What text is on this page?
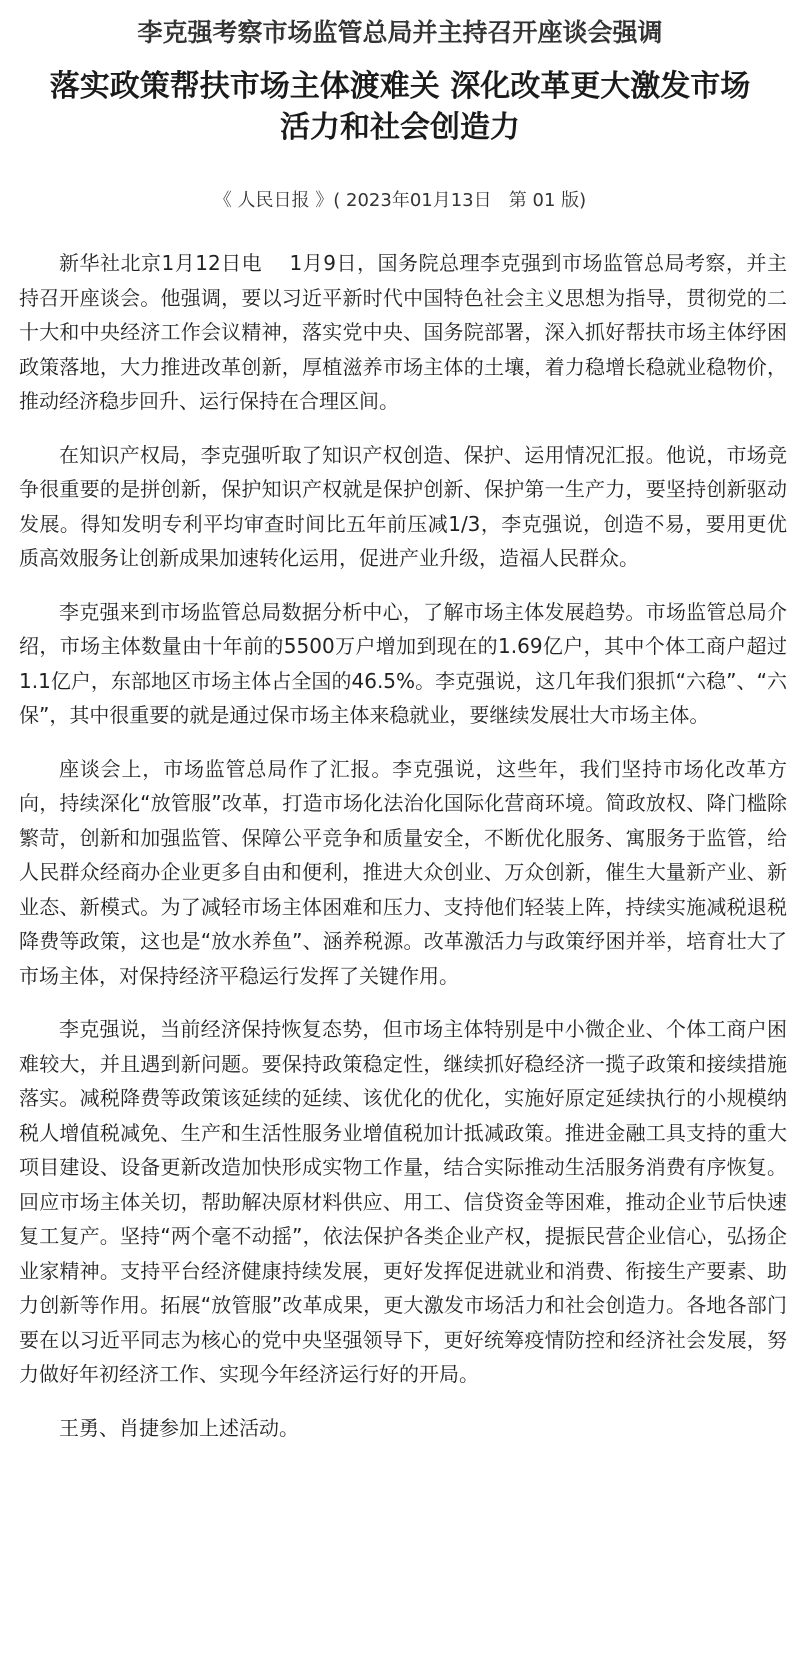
李克强考察市场监管总局并主持召开座谈会强调
落实政策帮扶市场主体渡难关 深化改革更大激发市场
活力和社会创造力
《 人民日报 》( 2023年01月13日   第 01 版)

新华社北京1月12日电　 1月9日，国务院总理李克强到市场监管总局考察，并主持召开座谈会。他强调，要以习近平新时代中国特色社会主义思想为指导，贯彻党的二十大和中央经济工作会议精神，落实党中央、国务院部署，深入抓好帮扶市场主体纾困政策落地，大力推进改革创新，厚植滋养市场主体的土壤，着力稳增长稳就业稳物价，推动经济稳步回升、运行保持在合理区间。

在知识产权局，李克强听取了知识产权创造、保护、运用情况汇报。他说，市场竞争很重要的是拼创新，保护知识产权就是保护创新、保护第一生产力，要坚持创新驱动发展。得知发明专利平均审查时间比五年前压减1/3，李克强说，创造不易，要用更优质高效服务让创新成果加速转化运用，促进产业升级，造福人民群众。

李克强来到市场监管总局数据分析中心，了解市场主体发展趋势。市场监管总局介绍，市场主体数量由十年前的5500万户增加到现在的1.69亿户，其中个体工商户超过1.1亿户，东部地区市场主体占全国的46.5%。李克强说，这几年我们狠抓“六稳”、“六保”，其中很重要的就是通过保市场主体来稳就业，要继续发展壮大市场主体。

座谈会上，市场监管总局作了汇报。李克强说，这些年，我们坚持市场化改革方向，持续深化“放管服”改革，打造市场化法治化国际化营商环境。简政放权、降门槛除繁苛，创新和加强监管、保障公平竞争和质量安全，不断优化服务、寓服务于监管，给人民群众经商办企业更多自由和便利，推进大众创业、万众创新，催生大量新产业、新业态、新模式。为了减轻市场主体困难和压力、支持他们轻装上阵，持续实施减税退税降费等政策，这也是“放水养鱼”、涵养税源。改革激活力与政策纾困并举，培育壮大了市场主体，对保持经济平稳运行发挥了关键作用。

李克强说，当前经济保持恢复态势，但市场主体特别是中小微企业、个体工商户困难较大，并且遇到新问题。要保持政策稳定性，继续抓好稳经济一揽子政策和接续措施落实。减税降费等政策该延续的延续、该优化的优化，实施好原定延续执行的小规模纳税人增值税减免、生产和生活性服务业增值税加计抵减政策。推进金融工具支持的重大项目建设、设备更新改造加快形成实物工作量，结合实际推动生活服务消费有序恢复。回应市场主体关切，帮助解决原材料供应、用工、信贷资金等困难，推动企业节后快速复工复产。坚持“两个毫不动摇”，依法保护各类企业产权，提振民营企业信心，弘扬企业家精神。支持平台经济健康持续发展，更好发挥促进就业和消费、衔接生产要素、助力创新等作用。拓展“放管服”改革成果，更大激发市场活力和社会创造力。各地各部门要在以习近平同志为核心的党中央坚强领导下，更好统筹疫情防控和经济社会发展，努力做好年初经济工作、实现今年经济运行好的开局。

王勇、肖捷参加上述活动。
